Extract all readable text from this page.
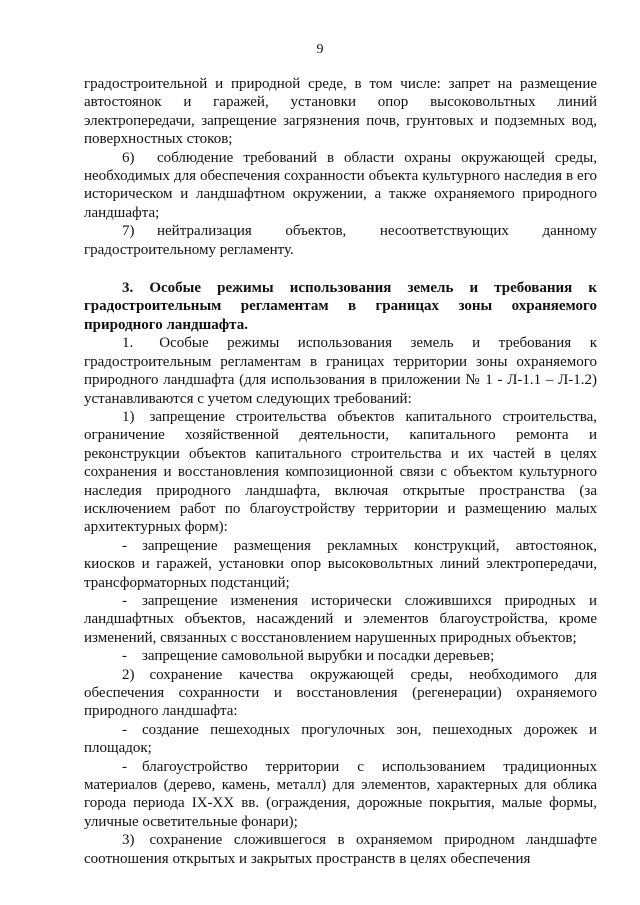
9

градостроительной и природной среде, в том числе: запрет на размещение автостоянок и гаражей, установки опор высоковольтных линий электропередачи, запрещение загрязнения почв, грунтовых и подземных вод, поверхностных стоков;

6)  соблюдение требований в области охраны окружающей среды, необходимых для обеспечения сохранности объекта культурного наследия в его историческом и ландшафтном окружении, а также охраняемого природного ландшафта;

7)  нейтрализация объектов, несоответствующих данному градостроительному регламенту.

3. Особые режимы использования земель и требования к градостроительным регламентам в границах зоны охраняемого природного ландшафта.

1.  Особые режимы использования земель и требования к градостроительным регламентам в границах территории зоны охраняемого природного ландшафта (для использования в приложении № 1 - Л-1.1 – Л-1.2) устанавливаются с учетом следующих требований:

1) запрещение строительства объектов капитального строительства, ограничение хозяйственной деятельности, капитального ремонта и реконструкции объектов капитального строительства и их частей в целях сохранения и восстановления композиционной связи с объектом культурного наследия природного ландшафта, включая открытые пространства (за исключением работ по благоустройству территории и размещению малых архитектурных форм):

- запрещение размещения рекламных конструкций, автостоянок, киосков и гаражей, установки опор высоковольтных линий электропередачи, трансформаторных подстанций;

- запрещение изменения исторически сложившихся природных и ландшафтных объектов, насаждений и элементов благоустройства, кроме изменений, связанных с восстановлением нарушенных природных объектов;

- запрещение самовольной вырубки и посадки деревьев;

2) сохранение качества окружающей среды, необходимого для обеспечения сохранности и восстановления (регенерации) охраняемого природного ландшафта:

- создание пешеходных прогулочных зон, пешеходных дорожек и площадок;

- благоустройство территории с использованием традиционных материалов (дерево, камень, металл) для элементов, характерных для облика города периода IX-XX вв. (ограждения, дорожные покрытия, малые формы, уличные осветительные фонари);

3) сохранение сложившегося в охраняемом природном ландшафте соотношения открытых и закрытых пространств в целях обеспечения
